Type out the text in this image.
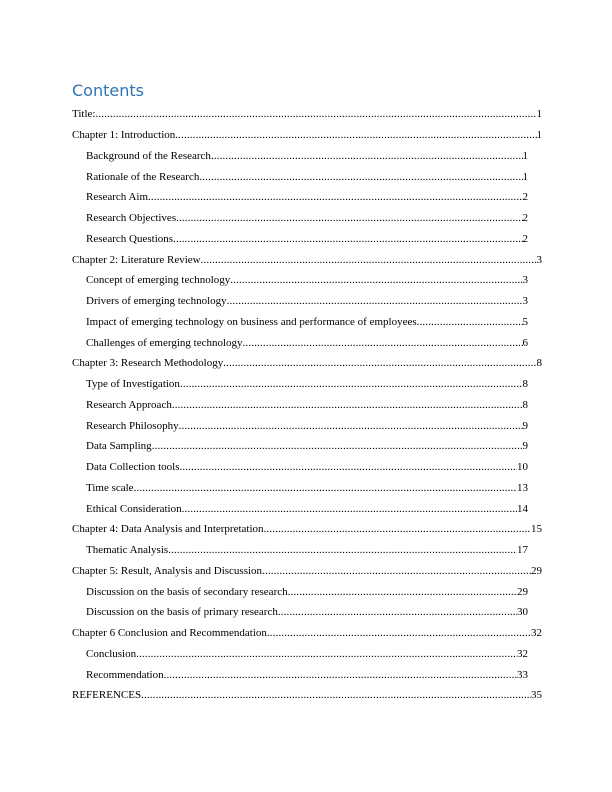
Contents
Title: .....	1
Chapter 1: Introduction .....	1
Background of the Research .....	1
Rationale of the Research .....	1
Research Aim .....	2
Research Objectives .....	2
Research Questions .....	2
Chapter 2: Literature Review .....	3
Concept of emerging technology .....	3
Drivers of emerging technology .....	3
Impact of emerging technology on business and performance of employees .....	5
Challenges of emerging technology .....	6
Chapter 3: Research Methodology .....	8
Type of Investigation .....	8
Research Approach .....	8
Research Philosophy .....	9
Data Sampling .....	9
Data Collection tools .....	10
Time scale .....	13
Ethical Consideration .....	14
Chapter 4: Data Analysis and Interpretation .....	15
Thematic Analysis .....	17
Chapter 5: Result, Analysis and Discussion .....	29
Discussion on the basis of secondary research .....	29
Discussion on the basis of primary research .....	30
Chapter 6 Conclusion and Recommendation .....	32
Conclusion .....	32
Recommendation .....	33
REFERENCES .....	35
